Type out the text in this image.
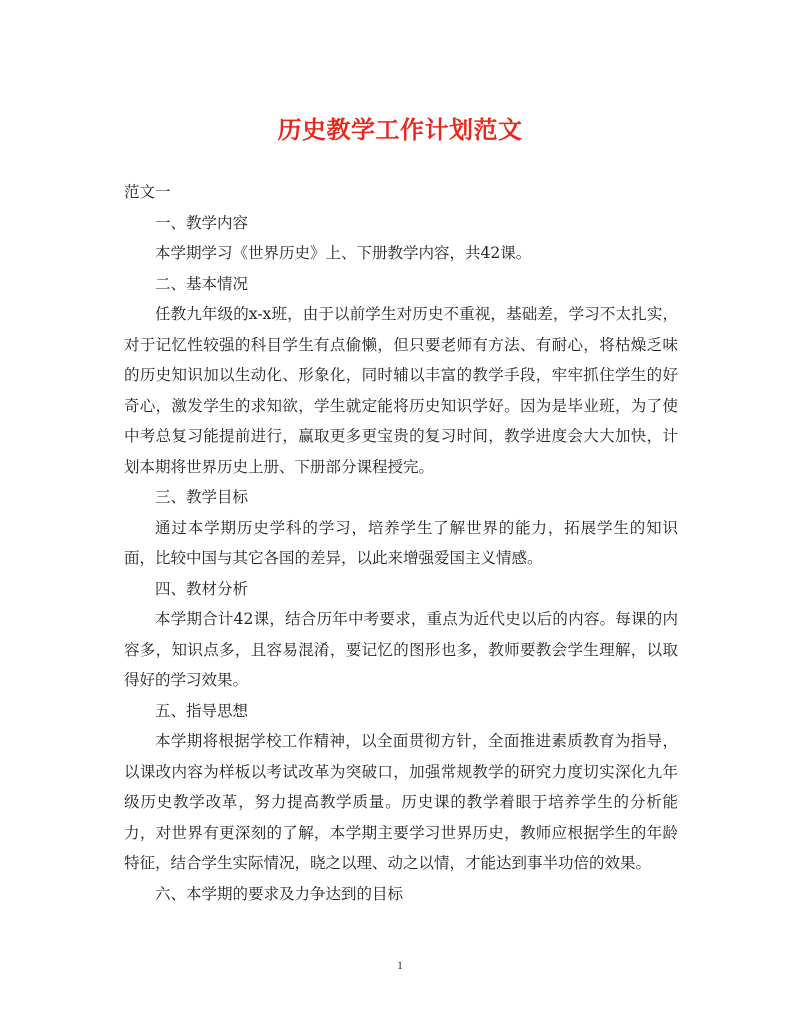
历史教学工作计划范文

范文一

一、教学内容

本学期学习《世界历史》上、下册教学内容，共42课。

二、基本情况

任教九年级的x-x班，由于以前学生对历史不重视，基础差，学习不太扎实，对于记忆性较强的科目学生有点偷懒，但只要老师有方法、有耐心，将枯燥乏味的历史知识加以生动化、形象化，同时辅以丰富的教学手段，牢牢抓住学生的好奇心，激发学生的求知欲，学生就定能将历史知识学好。因为是毕业班，为了使中考总复习能提前进行，赢取更多更宝贵的复习时间，教学进度会大大加快，计划本期将世界历史上册、下册部分课程授完。

三、教学目标

通过本学期历史学科的学习，培养学生了解世界的能力，拓展学生的知识面，比较中国与其它各国的差异，以此来增强爱国主义情感。

四、教材分析

本学期合计42课，结合历年中考要求，重点为近代史以后的内容。每课的内容多，知识点多，且容易混淆，要记忆的图形也多，教师要教会学生理解，以取得好的学习效果。

五、指导思想

本学期将根据学校工作精神，以全面贯彻方针，全面推进素质教育为指导，以课改内容为样板以考试改革为突破口，加强常规教学的研究力度切实深化九年级历史教学改革，努力提高教学质量。历史课的教学着眼于培养学生的分析能力，对世界有更深刻的了解，本学期主要学习世界历史，教师应根据学生的年龄特征，结合学生实际情况，晓之以理、动之以情，才能达到事半功倍的效果。

六、本学期的要求及力争达到的目标

1
